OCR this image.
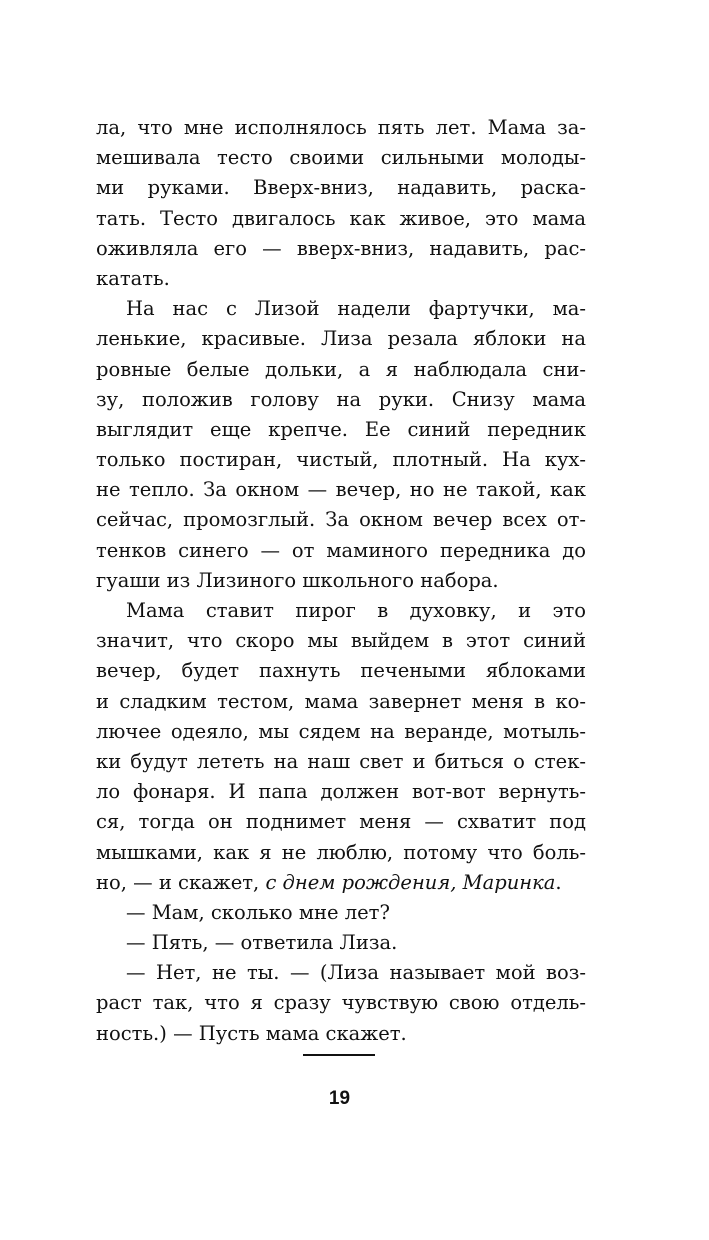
ла, что мне исполнялось пять лет. Мама за-
мешивала тесто своими сильными молоды-
ми руками. Вверх-вниз, надавить, раска-
тать. Тесто двигалось как живое, это мама
оживляла его — вверх-вниз, надавить, рас-
катать.
На нас с Лизой надели фартучки, ма-
ленькие, красивые. Лиза резала яблоки на
ровные белые дольки, а я наблюдала сни-
зу, положив голову на руки. Снизу мама
выглядит еще крепче. Ее синий передник
только постиран, чистый, плотный. На кух-
не тепло. За окном — вечер, но не такой, как
сейчас, промозглый. За окном вечер всех от-
тенков синего — от маминого передника до
гуаши из Лизиного школьного набора.
Мама ставит пирог в духовку, и это
значит, что скоро мы выйдем в этот синий
вечер, будет пахнуть печеными яблоками
и сладким тестом, мама завернет меня в ко-
лючее одеяло, мы сядем на веранде, мотыль-
ки будут лететь на наш свет и биться о стек-
ло фонаря. И папа должен вот-вот вернуть-
ся, тогда он поднимет меня — схватит под
мышками, как я не люблю, потому что боль-
но, — и скажет, с днем рождения, Маринка.
— Мам, сколько мне лет?
— Пять, — ответила Лиза.
— Нет, не ты. — (Лиза называет мой воз-
раст так, что я сразу чувствую свою отдель-
ность.) — Пусть мама скажет.
19
